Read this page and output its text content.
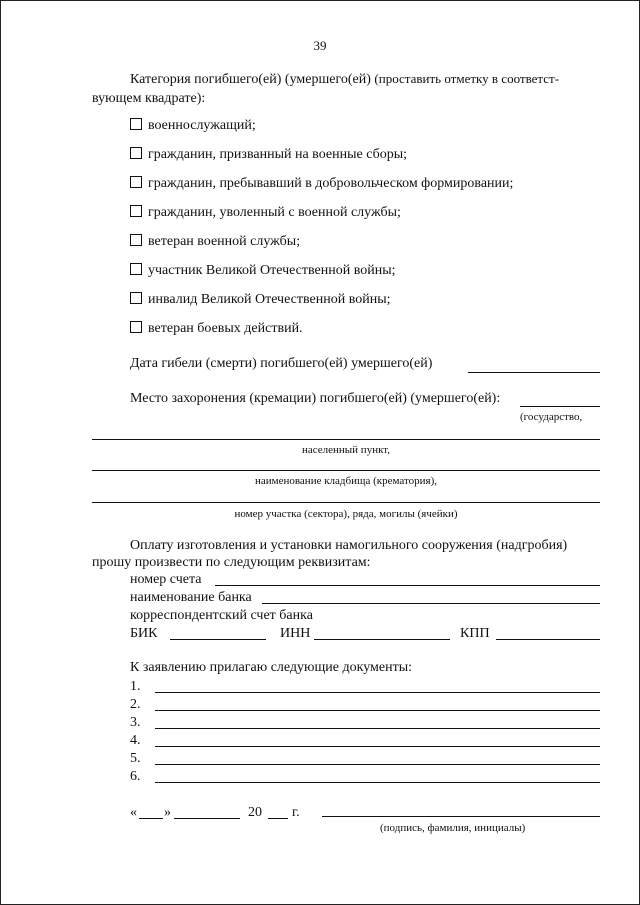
39
Категория погибшего(ей) (умершего(ей) (проставить отметку в соответст-
вующем квадрате):
военнослужащий;
гражданин, призванный на военные сборы;
гражданин, пребывавший в добровольческом формировании;
гражданин, уволенный с военной службы;
ветеран военной службы;
участник Великой Отечественной войны;
инвалид Великой Отечественной войны;
ветеран боевых действий.
Дата гибели (смерти) погибшего(ей) умершего(ей)
Место захоронения (кремации) погибшего(ей) (умершего(ей):
(государство,
населенный пункт,
наименование кладбища (крематория),
номер участка (сектора), ряда, могилы (ячейки)
Оплату изготовления и установки намогильного сооружения (надгробия)
прошу произвести по следующим реквизитам:
номер счета
наименование банка
корреспондентский счет банка
БИК	ИНН	КПП
К заявлению прилагаю следующие документы:
1.
2.
3.
4.
5.
6.
« »	20 г.
(подпись, фамилия, инициалы)
